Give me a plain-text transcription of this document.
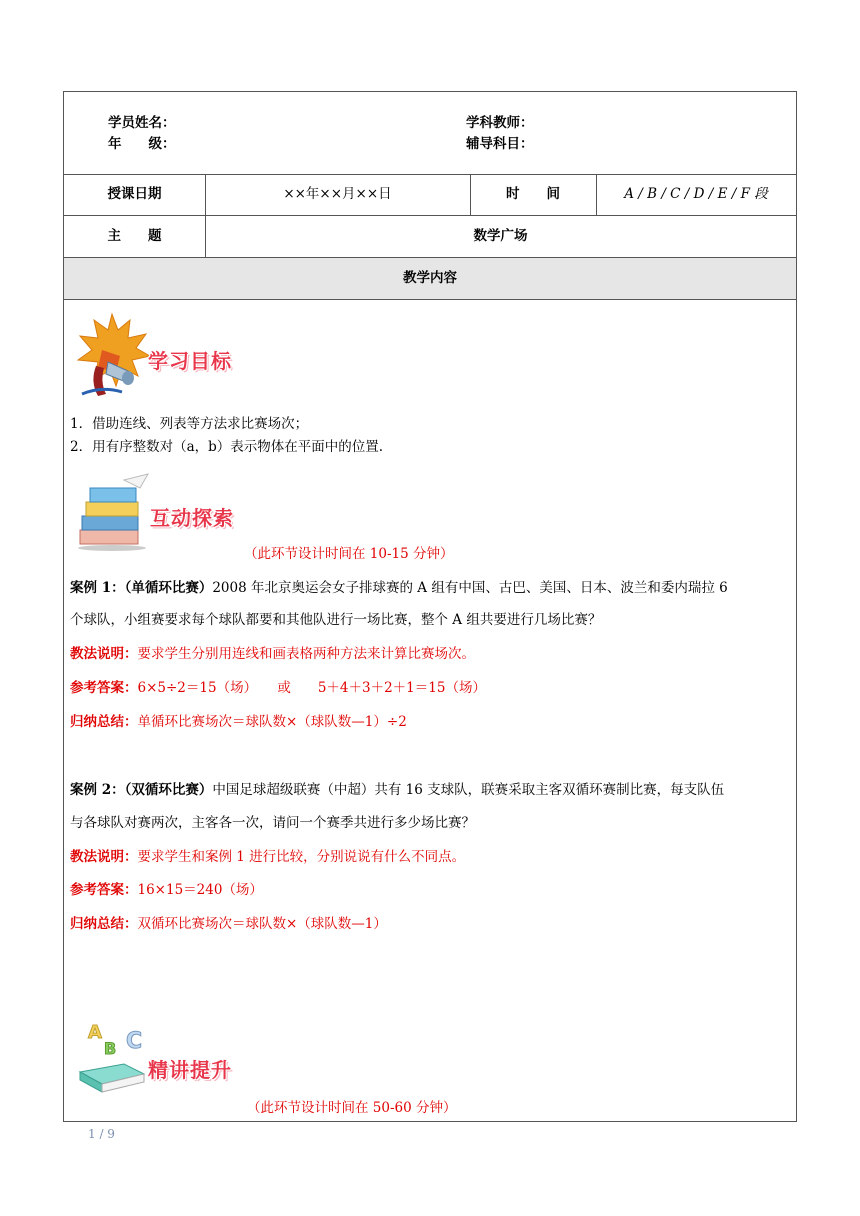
学员姓名：
年　　级：
学科教师：
辅导科目：
授课日期	××年××月××日	时　　间	A / B / C / D / E / F 段
主　　题	数学广场
教学内容
学习目标
1．借助连线、列表等方法求比赛场次；
2．用有序整数对（a，b）表示物体在平面中的位置.
互动探索
（此环节设计时间在 10-15 分钟）
案例 1：（单循环比赛）2008 年北京奥运会女子排球赛的 A 组有中国、古巴、美国、日本、波兰和委内瑞拉 6
个球队，小组赛要求每个球队都要和其他队进行一场比赛，整个 A 组共要进行几场比赛？
教法说明：要求学生分别用连线和画表格两种方法来计算比赛场次。
参考答案：6×5÷2＝15（场）　　或　　5＋4＋3＋2＋1＝15（场）
归纳总结：单循环比赛场次＝球队数×（球队数—1）÷2
案例 2：（双循环比赛）中国足球超级联赛（中超）共有 16 支球队，联赛采取主客双循环赛制比赛，每支队伍
与各球队对赛两次，主客各一次，请问一个赛季共进行多少场比赛？
教法说明：要求学生和案例 1 进行比较，分别说说有什么不同点。
参考答案：16×15＝240（场）
归纳总结：双循环比赛场次＝球队数×（球队数—1）
A
B C
精讲提升
（此环节设计时间在 50-60 分钟）
1 / 9
